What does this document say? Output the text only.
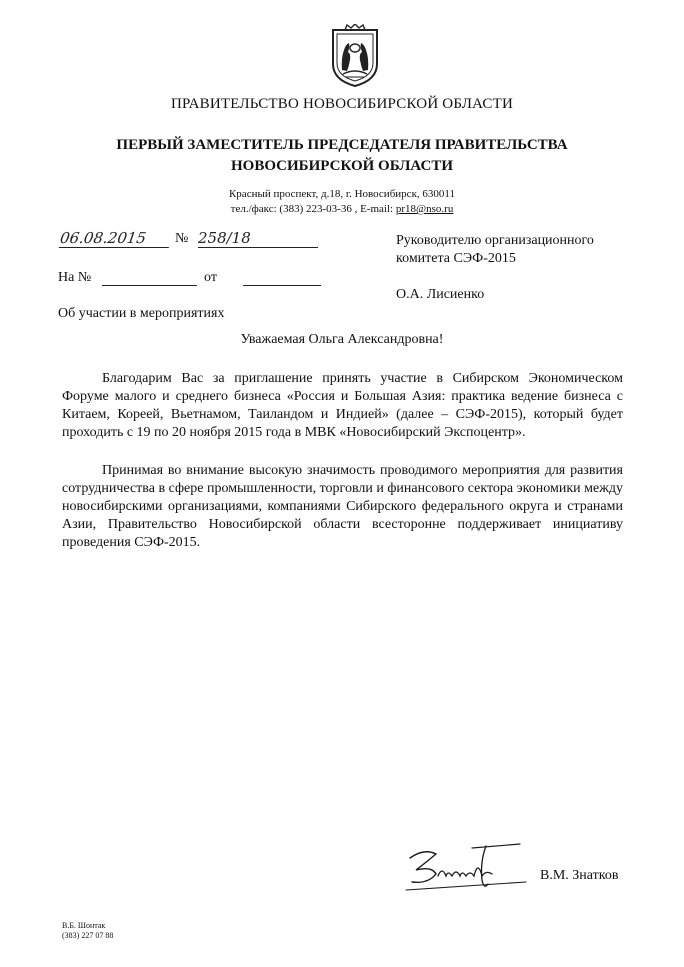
ПРАВИТЕЛЬСТВО НОВОСИБИРСКОЙ ОБЛАСТИ
ПЕРВЫЙ ЗАМЕСТИТЕЛЬ ПРЕДСЕДАТЕЛЯ ПРАВИТЕЛЬСТВА
НОВОСИБИРСКОЙ ОБЛАСТИ
Красный проспект, д.18, г. Новосибирск, 630011
тел./факс: (383) 223-03-36 , E-mail: pr18@nso.ru
06.08.2015	№ 258/18
На №	от
Руководителю организационного
комитета СЭФ-2015
О.А. Лисиенко
Об участии в мероприятиях
Уважаемая Ольга Александровна!
Благодарим Вас за приглашение принять участие в Сибирском Экономическом Форуме малого и среднего бизнеса «Россия и Большая Азия: практика ведение бизнеса с Китаем, Кореей, Вьетнамом, Таиландом и Индией» (далее – СЭФ-2015), который будет проходить с 19 по 20 ноября 2015 года в МВК «Новосибирский Экспоцентр».
Принимая во внимание высокую значимость проводимого мероприятия для развития сотрудничества в сфере промышленности, торговли и финансового сектора экономики между новосибирскими организациями, компаниями Сибирского федерального округа и странами Азии, Правительство Новосибирской области всесторонне поддерживает инициативу проведения СЭФ-2015.
В.М. Знатков
В.Б. Шонтак
(383) 227 07 88
